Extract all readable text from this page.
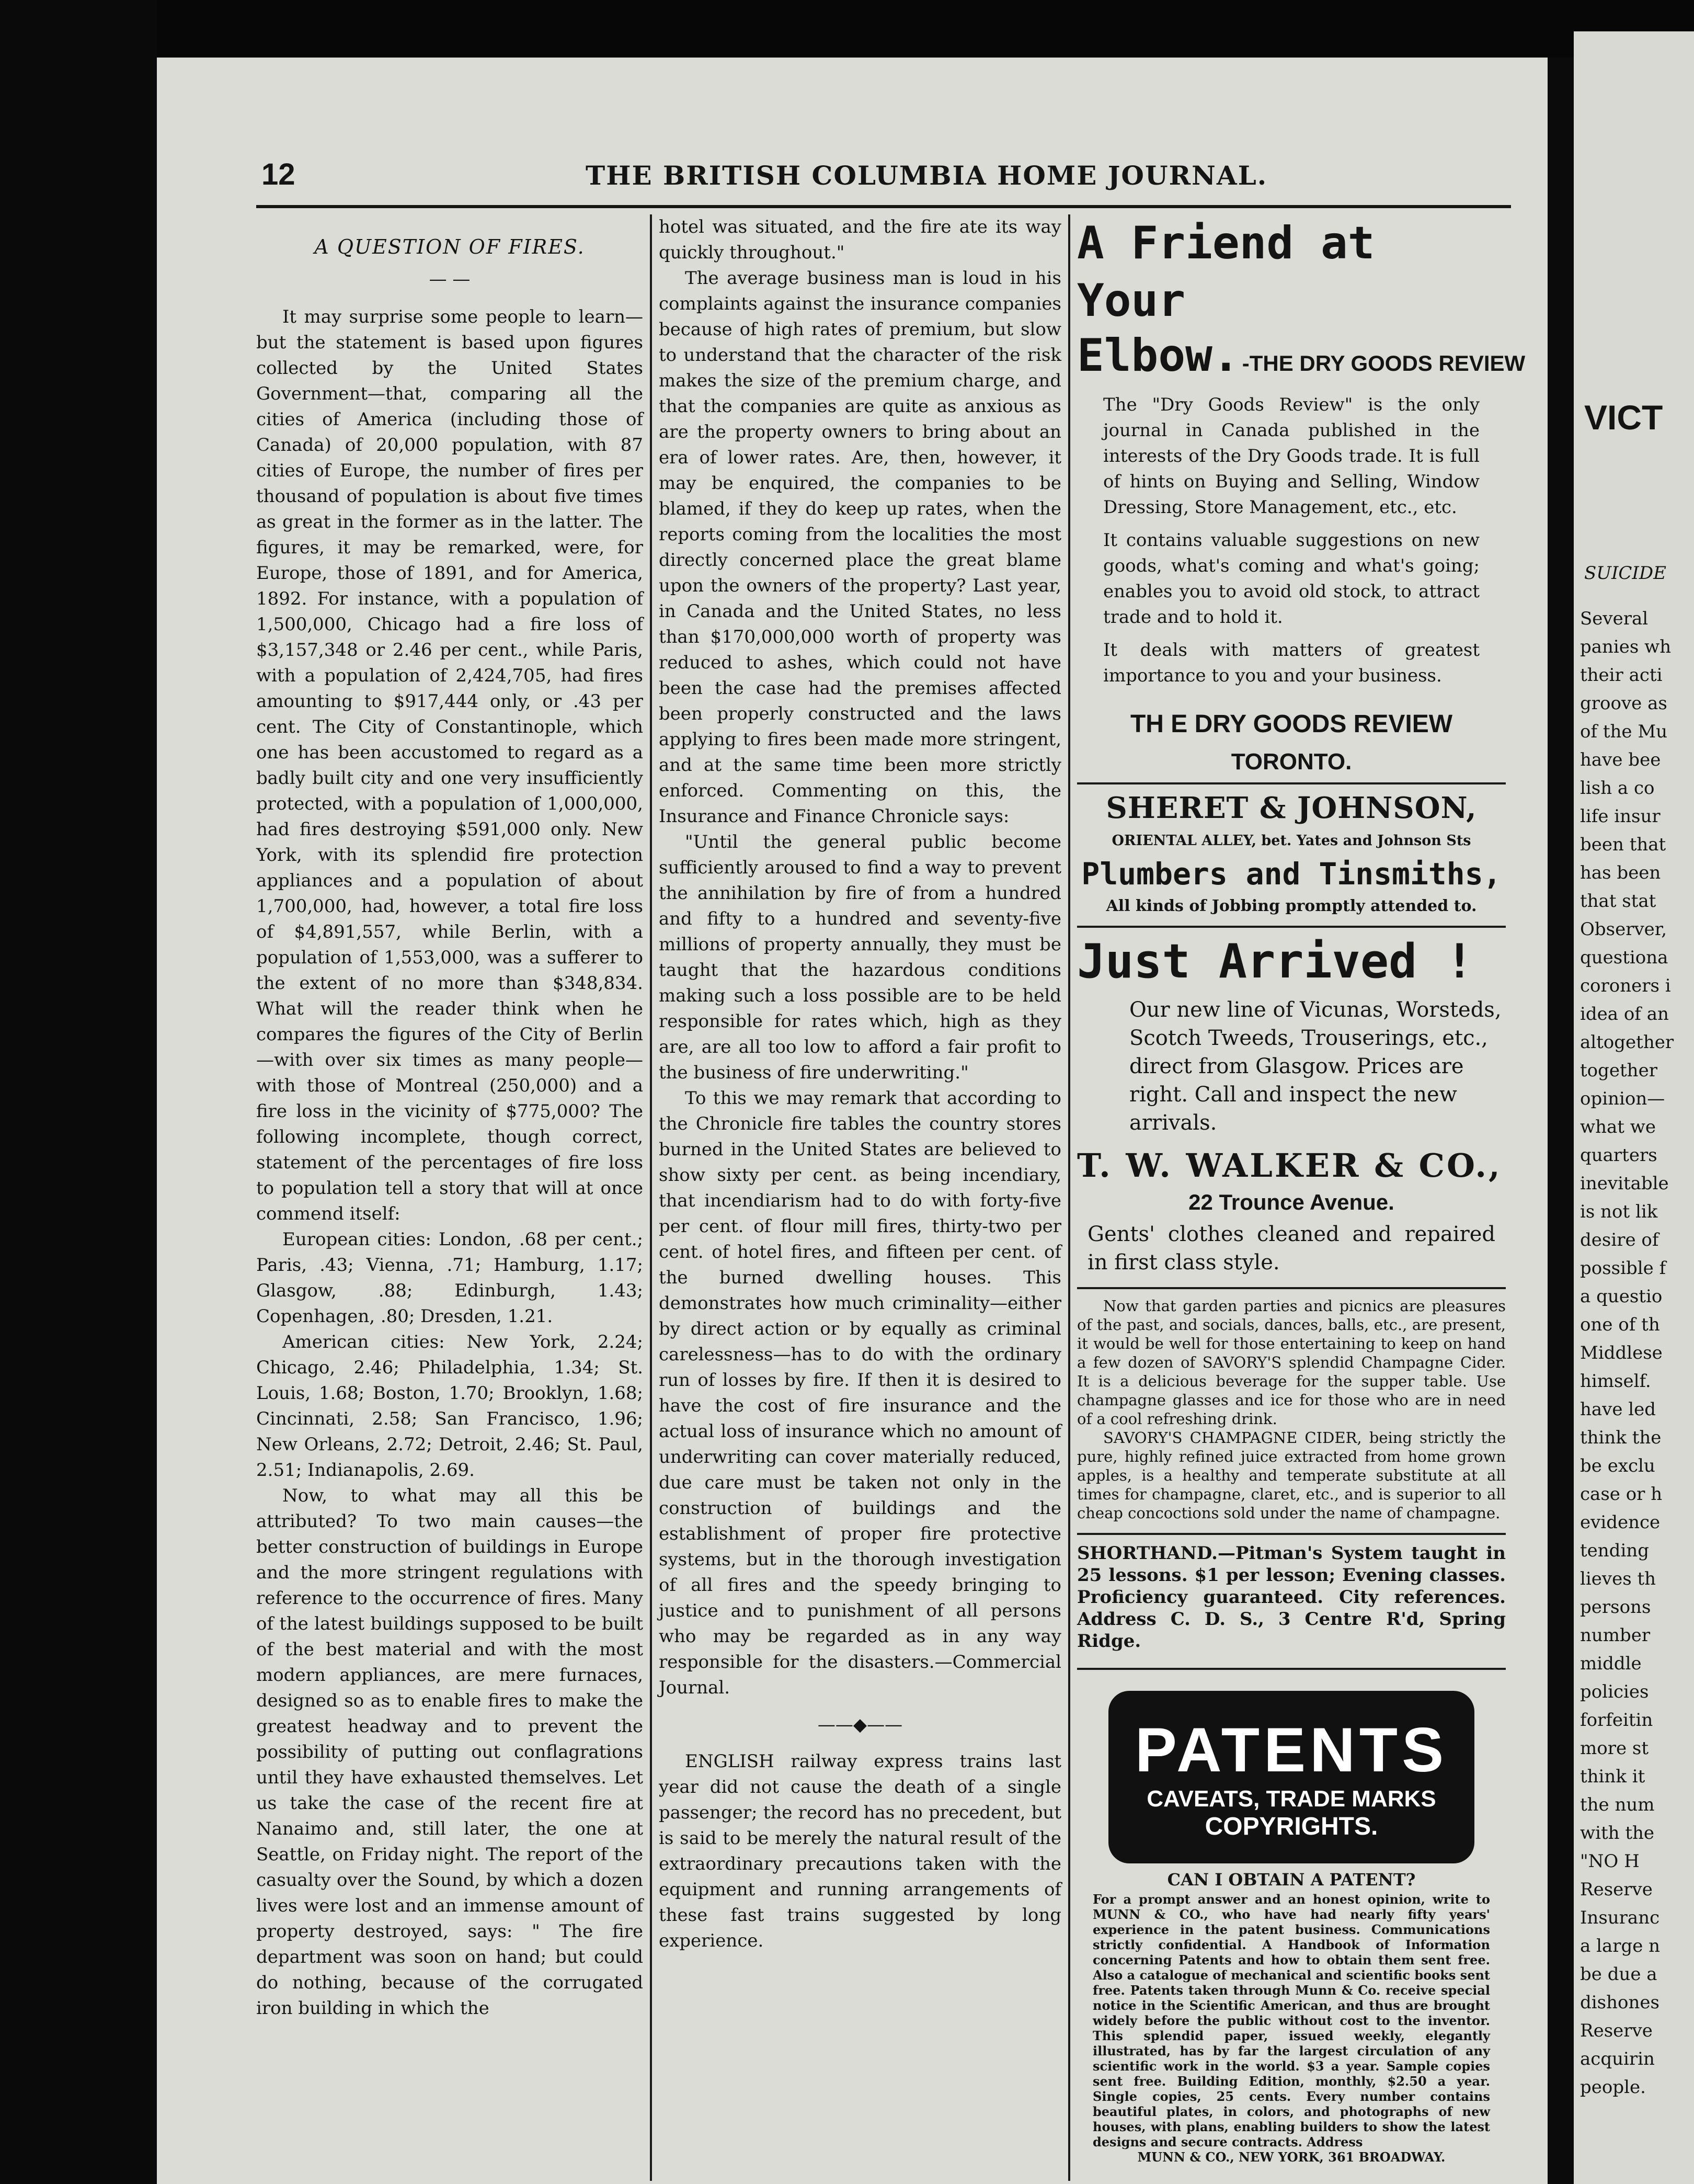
12	THE BRITISH COLUMBIA HOME JOURNAL.
A QUESTION OF FIRES.
— —

It may surprise some people to learn—but the statement is based upon figures collected by the United States Government—that, comparing all the cities of America (including those of Canada) of 20,000 population, with 87 cities of Europe, the number of fires per thousand of population is about five times as great in the former as in the latter. The figures, it may be remarked, were, for Europe, those of 1891, and for America, 1892. For instance, with a population of 1,500,000, Chicago had a fire loss of $3,157,348 or 2.46 per cent., while Paris, with a population of 2,424,705, had fires amounting to $917,444 only, or .43 per cent. The City of Constantinople, which one has been accustomed to regard as a badly built city and one very insufficiently protected, with a population of 1,000,000, had fires destroying $591,000 only. New York, with its splendid fire protection appliances and a population of about 1,700,000, had, however, a total fire loss of $4,891,557, while Berlin, with a population of 1,553,000, was a sufferer to the extent of no more than $348,834. What will the reader think when he compares the figures of the City of Berlin—with over six times as many people—with those of Montreal (250,000) and a fire loss in the vicinity of $775,000? The following incomplete, though correct, statement of the percentages of fire loss to population tell a story that will at once commend itself:

European cities: London, .68 per cent.; Paris, .43; Vienna, .71; Hamburg, 1.17; Glasgow, .88; Edinburgh, 1.43; Copenhagen, .80; Dresden, 1.21.

American cities: New York, 2.24; Chicago, 2.46; Philadelphia, 1.34; St. Louis, 1.68; Boston, 1.70; Brooklyn, 1.68; Cincinnati, 2.58; San Francisco, 1.96; New Orleans, 2.72; Detroit, 2.46; St. Paul, 2.51; Indianapolis, 2.69.

Now, to what may all this be attributed? To two main causes—the better construction of buildings in Europe and the more stringent regulations with reference to the occurrence of fires. Many of the latest buildings supposed to be built of the best material and with the most modern appliances, are mere furnaces, designed so as to enable fires to make the greatest headway and to prevent the possibility of putting out conflagrations until they have exhausted themselves. Let us take the case of the recent fire at Nanaimo and, still later, the one at Seattle, on Friday night. The report of the casualty over the Sound, by which a dozen lives were lost and an immense amount of property destroyed, says: " The fire department was soon on hand; but could do nothing, because of the corrugated iron building in which the

hotel was situated, and the fire ate its way quickly throughout."

The average business man is loud in his complaints against the insurance companies because of high rates of premium, but slow to understand that the character of the risk makes the size of the premium charge, and that the companies are quite as anxious as are the property owners to bring about an era of lower rates. Are, then, however, it may be enquired, the companies to be blamed, if they do keep up rates, when the reports coming from the localities the most directly concerned place the great blame upon the owners of the property? Last year, in Canada and the United States, no less than $170,000,000 worth of property was reduced to ashes, which could not have been the case had the premises affected been properly constructed and the laws applying to fires been made more stringent, and at the same time been more strictly enforced. Commenting on this, the Insurance and Finance Chronicle says:

"Until the general public become sufficiently aroused to find a way to prevent the annihilation by fire of from a hundred and fifty to a hundred and seventy-five millions of property annually, they must be taught that the hazardous conditions making such a loss possible are to be held responsible for rates which, high as they are, are all too low to afford a fair profit to the business of fire underwriting."

To this we may remark that according to the Chronicle fire tables the country stores burned in the United States are believed to show sixty per cent. as being incendiary, that incendiarism had to do with forty-five per cent. of flour mill fires, thirty-two per cent. of hotel fires, and fifteen per cent. of the burned dwelling houses. This demonstrates how much criminality—either by direct action or by equally as criminal carelessness—has to do with the ordinary run of losses by fire. If then it is desired to have the cost of fire insurance and the actual loss of insurance which no amount of underwriting can cover materially reduced, due care must be taken not only in the construction of buildings and the establishment of proper fire protective systems, but in the thorough investigation of all fires and the speedy bringing to justice and to punishment of all persons who may be regarded as in any way responsible for the disasters.—Commercial Journal.

——◆——

ENGLISH railway express trains last year did not cause the death of a single passenger; the record has no precedent, but is said to be merely the natural result of the extraordinary precautions taken with the equipment and running arrangements of these fast trains suggested by long experience.

A Friend at Your
Elbow. -THE DRY GOODS REVIEW

The "Dry Goods Review" is the only journal in Canada published in the interests of the Dry Goods trade. It is full of hints on Buying and Selling, Window Dressing, Store Management, etc., etc.

It contains valuable suggestions on new goods, what's coming and what's going; enables you to avoid old stock, to attract trade and to hold it.

It deals with matters of greatest importance to you and your business.

TH E DRY GOODS REVIEW
TORONTO.
SHERET & JOHNSON,
ORIENTAL ALLEY, bet. Yates and Johnson Sts
Plumbers and Tinsmiths,
All kinds of Jobbing promptly attended to.
Just Arrived !

Our new line of Vicunas, Worsteds, Scotch Tweeds, Trouserings, etc., direct from Glasgow. Prices are right. Call and inspect the new arrivals.

T. W. WALKER & CO.,
22 Trounce Avenue.

Gents' clothes cleaned and repaired in first class style.

Now that garden parties and picnics are pleasures of the past, and socials, dances, balls, etc., are present, it would be well for those entertaining to keep on hand a few dozen of SAVORY'S splendid Champagne Cider. It is a delicious beverage for the supper table. Use champagne glasses and ice for those who are in need of a cool refreshing drink.

SAVORY'S CHAMPAGNE CIDER, being strictly the pure, highly refined juice extracted from home grown apples, is a healthy and temperate substitute at all times for champagne, claret, etc., and is superior to all cheap concoctions sold under the name of champagne.

SHORTHAND.—Pitman's System taught in 25 lessons. $1 per lesson; Evening classes. Proficiency guaranteed. City references. Address C. D. S., 3 Centre R'd, Spring Ridge.

PATENTS
CAVEATS, TRADE MARKS
COPYRIGHTS.
CAN I OBTAIN A PATENT?

For a prompt answer and an honest opinion, write to MUNN & CO., who have had nearly fifty years' experience in the patent business. Communications strictly confidential. A Handbook of Information concerning Patents and how to obtain them sent free. Also a catalogue of mechanical and scientific books sent free. Patents taken through Munn & Co. receive special notice in the Scientific American, and thus are brought widely before the public without cost to the inventor. This splendid paper, issued weekly, elegantly illustrated, has by far the largest circulation of any scientific work in the world. $3 a year. Sample copies sent free. Building Edition, monthly, $2.50 a year. Single copies, 25 cents. Every number contains beautiful plates, in colors, and photographs of new houses, with plans, enabling builders to show the latest designs and secure contracts. Address

MUNN & CO., NEW YORK, 361 BROADWAY.
VICT
SUICIDE
Several
panies wh
their acti
groove as
of the Mu
have bee
lish a co
life insur
been that
has been
that stat
Observer,
questiona
coroners i
idea of an
altogether
together
opinion—
what we
quarters
inevitable
is not lik
desire of
possible f
a questio
one of th
Middlese
himself.
have led
think the
be exclu
case or h
evidence
tending
lieves th
persons
number
middle
policies
forfeitin
more st
think it
the num
with the
"NO H
Reserve
Insuranc
a large n
be due a
dishones
Reserve
acquirin
people.
